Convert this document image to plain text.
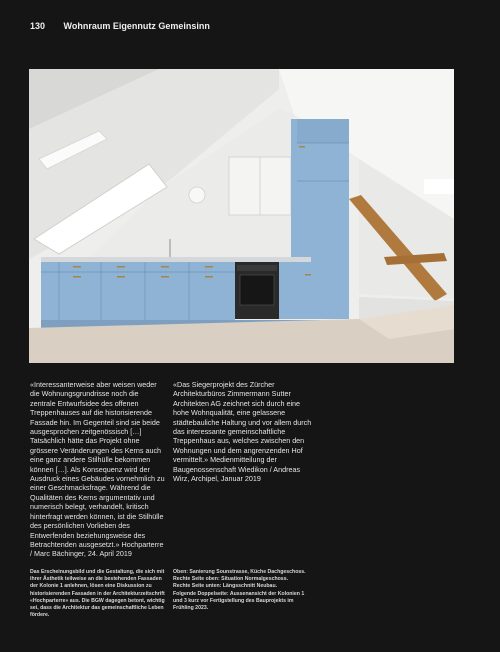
130 Wohnraum Eigennutz Gemeinsinn
«Interessanterweise aber weisen weder die Wohnungsgrundrisse noch die zentrale Entwurfsidee des offenen Treppenhauses auf die historisierende Fassade hin. Im Gegenteil sind sie beide ausgesprochen zeitgenössisch […] Tatsächlich hätte das Projekt ohne grössere Veränderungen des Kerns auch eine ganz andere Stilhülle bekommen können […]. Als Konsequenz wird der Ausdruck eines Gebäudes vornehmlich zu einer Geschmacksfrage. Während die Qualitäten des Kerns argumentativ und numerisch belegt, verhandelt, kritisch hinterfragt werden können, ist die Stilhülle des persönlichen Vorlieben des Entwerfenden beziehungsweise des Betrachtenden ausgesetzt.» Hochparterre / Marc Bächinger, 24. April 2019
«Das Siegerprojekt des Zürcher Architekturbüros Zimmermann Sutter Architekten AG zeichnet sich durch eine hohe Wohnqualität, eine gelassene städtebauliche Haltung und vor allem durch das interessante gemeinschaftliche Treppenhaus aus, welches zwischen den Wohnungen und dem angrenzenden Hof vermittelt.» Medienmitteilung der Baugenossenschaft Wiedikon / Andreas Wirz, Archipel, Januar 2019
Das Erscheinungsbild und die Gestaltung, die sich mit ihrer Ästhetik teilweise an die bestehenden Fassaden der Kolonie 1 anlehnen, lösen eine Diskussion zu historisierenden Fassaden in der Architekturzeitschrift «Hochparterre» aus. Die BGW dagegen betont, wichtig sei, dass die Architektur das gemeinschaftliche Leben fördere.
Oben: Sanierung Sounstrasse, Küche Dachgeschoss.
Rechte Seite oben: Situation Normalgeschoss.
Rechte Seite unten: Längsschnitt Neubau.
Folgende Doppelseite: Aussenansicht der Kolonien 1 und 3 kurz vor Fertigstellung des Bauprojekts im Frühling 2023.
